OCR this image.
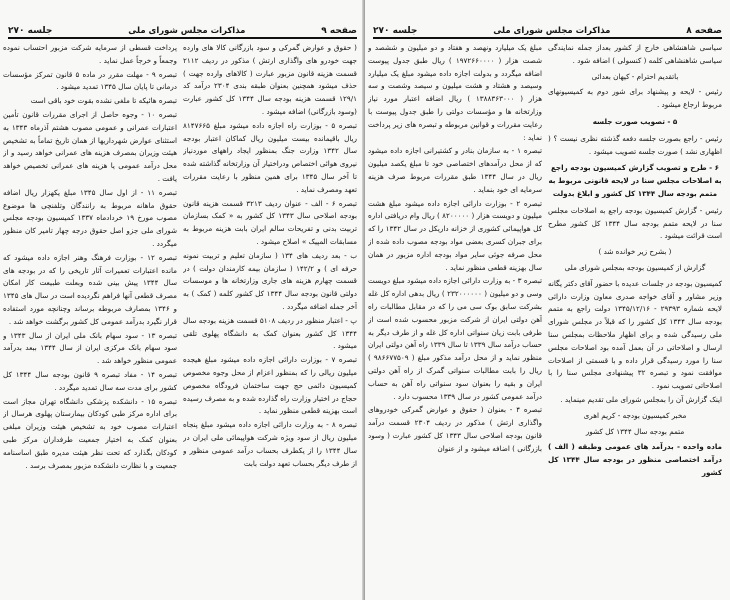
صفحه ۹
مذاکرات مجلس شورای ملی
جلسه ۲۷۰

( حقوق و عوارض گمرکی و سود بازرگانی کالا های وارده جهت خودرو های واگذاری ارتش ) مذکور در ردیف ۲۱۱۲ قسمت هزینه قانون مزبور عبارت ( کالاهای وارده جهت ) حذف میشود همچنین بعنوان طبقه بندی ۲۳۰۴ درآمد کد ۱۲۹/۱ قسمت هزینه بودجه سال ۱۳۴۴ کل کشور عبارت (وسود بازرگانی) اضافه میشود .

تبصره ۵ - بوزارت راه اجازه داده میشود مبلغ ۸۱۴۷۶۶۵ ریال باقیمانده بیست میلیون ریال کماکان اعتبار بودجه سال ۱۳۴۲ وزارت جنگ بمنظور ایجاد راههای موردنیاز نیروی هوائی اختصاص ودراختیار آن وزارتخانه گذاشته شده تا آخر سال ۱۳۴۵ برای همین منظور با رعایت مقررات تعهد ومصرف نماید .

تبصره ۶ - الف - عنوان ردیف ۳۲۱۳ قسمت هزینه قانون بودجه اصلاحی سال ۱۳۴۳ کل کشور به « کمک بسازمان تربیت بدنی و تفریحات سالم ایران بابت هزینه مربوط به مسابقات المپیک » اصلاح میشود .

ب - بعد ردیف های ۱۳۴ ( سازمان تعلیم و تربیت نمونه حرفه ای ) و ۱۴۲/۲ ( سازمان بیمه کارمندان دولت ) در قسمت چهارم هزینه های جاری وزارتخانه ها و موسسات دولتی قانون بودجه سال ۱۳۴۴ کل کشور کلمه ( کمک ) به آخر جمله اضافه میگردد .

پ - اعتبار منظور در ردیف ۵۱۰۸ قسمت هزینه بودجه سال ۱۳۴۴ کل کشور بعنوان کمک به دانشگاه پهلوی تلقی میشود .

تبصره ۷ - بوزارت دارائی اجازه داده میشود مبلغ هیجده میلیون ریالی را که بمنظور اعزام از محل وجوه مخصوص کمیسیون دائمی حج جهت ساختمان فرودگاه مخصوص حجاج در اختیار وزارت راه گذارده شده و به مصرف رسیده است بهزینه قطعی منظور نماید .

تبصره ۸ - به وزارت دارائی اجازه داده میشود مبلغ پنجاه میلیون ریال از سود ویژه شرکت هواپیمائی ملی ایران در سال ۱۳۴۴ را از یکطرف بحساب درآمد عمومی منظور و از طرف دیگر بحساب تعهد دولت بابت

پرداخت قسطی از سرمایه شرکت مزبور احتساب نموده وجمعاً و خرجاً عمل نماید .

تبصره ۹ - مهلت مقرر در ماده ۵ قانون تمرکز مؤسسات درمانی تا پایان سال ۱۳۴۵ تمدید میشود .

تبصره هائیکه تا ملغی نشده بقوت خود باقی است

تبصره ۱۰ - وجوه حاصل از اجرای مقررات قانون تأمین اعتبارات عمرانی و عمومی مصوب هشتم آذرماه ۱۳۴۳ به استثنای عوارض شهرداریها از همان تاریخ تماماً به تشخیص هیئت وزیران بمصرف هزینه های عمرانی خواهد رسید و از محل درآمد عمومی یا هزینه های عمرانی تخصیص خواهد یافت .

تبصره ۱۱ - از اول سال ۱۳۴۵ مبلغ یکهزار ریال اضافه حقوق ماهانه مربوط به رانندگان وتلفنچی ها موضوع مصوب مورخ ۱۹ خردادماه ۱۳۳۷ کمیسیون بودجه مجلس شورای ملی جزو اصل حقوق درجه چهار تامیر کان منظور میگردد .

تبصره ۱۲ - بوزارت فرهنگ وهنر اجازه داده میشود که مانده اعتبارات تعمیرات آثار تاریخی را که در بودجه های سال ۱۳۴۴ پیش بینی شده وبعلت طبیعت کار امکان مصرف قطعی آنها فراهم نگردیده است در سال های ۱۳۴۵ و ۱۳۴۶ بمصارف مربوطه برساند وچنانچه مورد استفاده قرار نگیرد بدرآمد عمومی کل کشور برگشت خواهد شد .

تبصره ۱۳ - سود سهام بانک ملی ایران از سال ۱۳۴۳ و سود سهام بانک مرکزی ایران از سال ۱۳۴۴ ببعد بدرآمد عمومی منظور خواهد شد .

تبصره ۱۴ - مفاد تبصره ۹ قانون بودجه سال ۱۳۴۴ کل کشور برای مدت سه سال تمدید میگردد .

تبصره ۱۵ - دانشکده پزشکی دانشگاه تهران مجاز است برای اداره مرکز طبی کودکان بیمارستان پهلوی هرسال از اعتبارات مصوب خود به تشخیص هیئت وزیران مبلغی بعنوان کمک به اختیار جمعیت طرفداران مرکز طبی کودکان بگذارد که تحت نظر هیئت مدیره طبق اساسنامه جمعیت و با نظارت دانشکده مزبور بمصرف برسد .

صفحه ۸
مذاکرات مجلس شورای ملی
جلسه ۲۷۰

سیاسی شاهنشاهی خارج از کشور بعداز جمله نمایندگی سیاسی شاهنشاهی کلمه ( کنسولی ) اضافه شود .

باتقدیم احترام - کیهان بعدائی

رئیس - لایحه و پیشنهاد برای شور دوم به کمیسیونهای مربوط ارجاع میشود .

۵ - تصویب صورت جلسه

رئیس - راجع بصورت جلسه دفعه گذشته نظری نیست ؟ ( اظهاری نشد ) صورت جلسه تصویب میشود .

۶ - طرح و تصویب گزارش کمیسیون بودجه راجع به اصلاحات مجلس سنا در لایحه قانونی مربوط به متمم بودجه سال ۱۳۴۴ کل کشور و ابلاغ بدولت

رئیس - گزارش کمیسیون بودجه راجع به اصلاحات مجلس سنا در لایحه متمم بودجه سال ۱۳۴۴ کل کشور مطرح است قرائت میشود .

( بشرح زیر خوانده شد )

گزارش از کمیسیون بودجه بمجلس شورای ملی

کمیسیون بودجه در جلسات عدیده با حضور آقای دکتر یگانه وزیر مشاور و آقای خواجه صدری معاون وزارت دارائی لایحه شماره ۲۹۳۹۳ - ۱۳۴۵/۱۲/۱۶ دولت راجع به متمم بودجه سال ۱۳۴۴ کل کشور را که قبلاً در مجلس شورای ملی رسیدگی شده و برای اظهار ملاحظات بمجلس سنا ارسال و اصلاحاتی در آن بعمل آمده بود اصلاحات مجلس سنا را مورد رسیدگی قرار داده و با قسمتی از اصلاحات موافقت نمود و تبصره ۳۲ پیشنهادی مجلس سنا را با اصلاحاتی تصویب نمود .

اینک گزارش آن را بمجلس شورای ملی تقدیم مینماید .

مخبر کمیسیون بودجه - کریم اهری

متمم بودجه سال ۱۳۴۴ کل کشور

ماده واحده - بدرآمد های عمومی وطبقه ( الف ) درآمد اختصاصی منظور در بودجه سال ۱۳۴۴ کل کشور

مبلغ یک میلیارد ونهصد و هفتاد و دو میلیون و ششصد و شصت هزار ( ۱۹۷۲۶۶۰۰۰۰ ) ریال طبق جدول پیوست اضافه میگردد و بدولت اجازه داده میشود مبلغ یک میلیارد وسیصد و هشتاد و هشت میلیون و سیصد وشصت و سه هزار ( ۱۳۸۸۳۶۳۰۰۰ ) ریال اضافه اعتبار مورد نیاز وزارتخانه ها و مؤسسات دولتی را طبق جدول پیوست با رعایت مقررات و قوانین مربوطه و تبصره های زیر پرداخت نماید :

تبصره ۱ - به سازمان بنادر و کشتیرانی اجازه داده میشود که از محل درآمدهای اختصاصی خود تا مبلغ یکصد میلیون ریال در سال ۱۳۴۴ طبق مقررات مربوط صرف هزینه سرمایه ای خود بنماید .

تبصره ۲ - بوزارت دارائی اجازه داده میشود مبلغ هشت میلیون و دویست هزار ( ۸۲۰۰۰۰۰ ) ریال وام دریافتی اداره کل هواپیمائی کشوری از خزانه داریکل در سال ۱۳۴۲ را که برای جبران کسری بعضی مواد بودجه مصوب داده شده از محل صرفه جوئی سایر مواد بودجه اداره مزبور در همان سال بهزینه قطعی منظور نماید .

تبصره ۳ - به وزارت دارائی اجازه داده میشود مبلغ دویست وسی و دو میلیون ( ۲۳۲۰۰۰۰۰۰ ) ریال بدهی اداره کل غله بشرکت سابق بوک سی می را که در مقابل مطالبات راه آهن دولتی ایران از شرکت مزبور محسوب شده است از طرفی بابت زیان سنواتی اداره کل غله و از طرف دیگر به حساب درآمد سال ۱۳۳۹ تا سال ۱۳۳۹ راه آهن دولتی ایران منظور نماید و از محل درآمد مذکور مبلغ ( ۹۸۶۶۷۷۵۰۹ ) ریال را بابت مطالبات سنواتی گمرک از راه آهن دولتی ایران و بقیه را بعنوان سود سنواتی راه آهن به حساب درآمد عمومی کشور در سال ۱۳۳۹ محسوب دارد .

تبصره ۴ - بعنوان ( حقوق و عوارض گمرکی خودروهای واگذاری ارتش ) مذکور در ردیف ۲۳۰۴ قسمت درآمد قانون بودجه اصلاحی سال ۱۳۴۳ کل کشور عبارت ( وسود بازرگانی ) اضافه میشود و از عنوان
